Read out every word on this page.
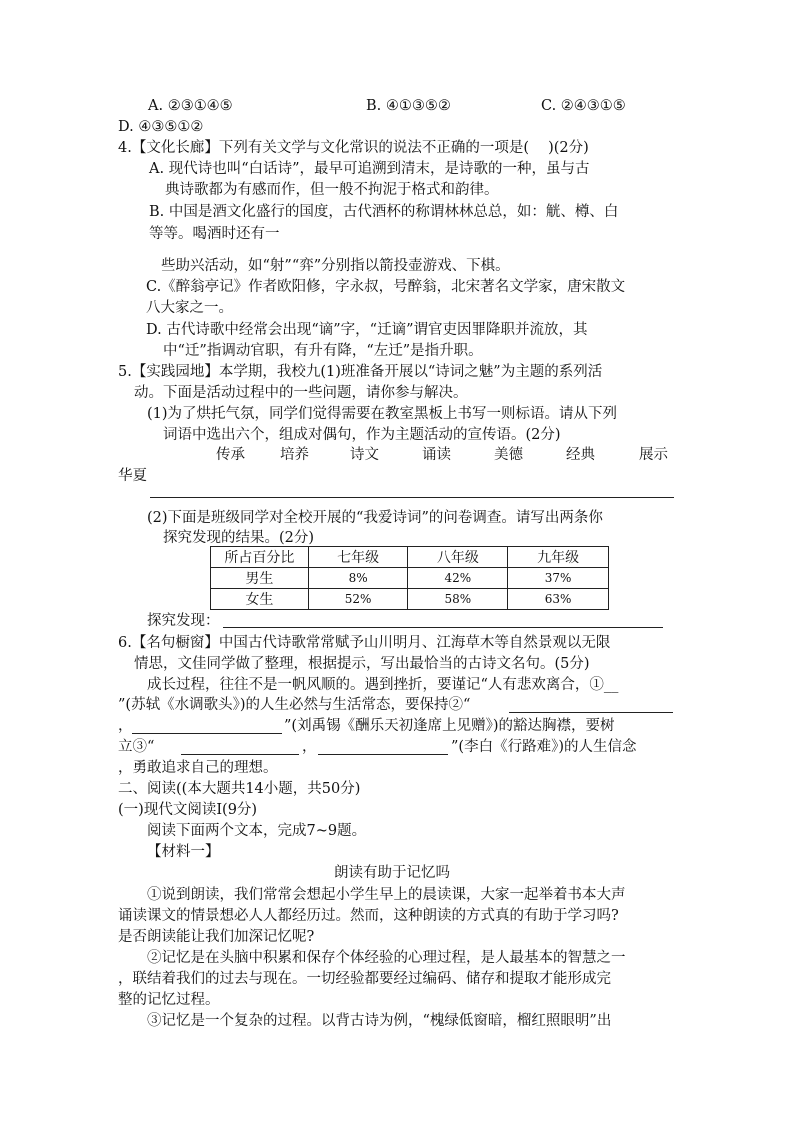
A. ②③①④⑤	B. ④①③⑤②	C. ②④③①⑤
D. ④③⑤①②
4.【文化长廊】下列有关文学与文化常识的说法不正确的一项是(　 )(2分)
A. 现代诗也叫“白话诗”，最早可追溯到清末，是诗歌的一种，虽与古
典诗歌都为有感而作，但一般不拘泥于格式和韵律。
B. 中国是酒文化盛行的国度，古代酒杯的称谓林林总总，如：觥、樽、白
等等。喝酒时还有一
些助兴活动，如“射”“弈”分别指以箭投壶游戏、下棋。
C.《醉翁亭记》作者欧阳修，字永叔，号醉翁，北宋著名文学家，唐宋散文
八大家之一。
D. 古代诗歌中经常会出现“谪”字，“迁谪”谓官吏因罪降职并流放，其
中“迁”指调动官职，有升有降，“左迁”是指升职。
5.【实践园地】本学期，我校九(1)班准备开展以“诗词之魅”为主题的系列活
动。下面是活动过程中的一些问题，请你参与解决。
(1)为了烘托气氛，同学们觉得需要在教室黑板上书写一则标语。请从下列
词语中选出六个，组成对偶句，作为主题活动的宣传语。(2分)
传承 培养	诗文	诵读	美德	经典	展示
华夏
(2)下面是班级同学对全校开展的“我爱诗词”的问卷调查。请写出两条你
探究发现的结果。(2分)
所占百分比	七年级	八年级	九年级
男生	8%	42%	37%
女生	52%	58%	63%
探究发现：
6.【名句橱窗】中国古代诗歌常常赋予山川明月、江海草木等自然景观以无限
情思，文佳同学做了整理，根据提示，写出最恰当的古诗文名句。(5分)
成长过程，往往不是一帆风顺的。遇到挫折，要谨记“人有悲欢离合，①__
”(苏轼《水调歌头》)的人生必然与生活常态，要保持②“
，	”(刘禹锡《酬乐天初逢席上见赠》)的豁达胸襟，要树
立③“	，	”(李白《行路难》)的人生信念
，勇敢追求自己的理想。
二、阅读((本大题共14小题，共50分)
(一)现代文阅读Ⅰ(9分)
阅读下面两个文本，完成7~9题。
【材料一】
朗读有助于记忆吗
①说到朗读，我们常常会想起小学生早上的晨读课，大家一起举着书本大声
诵读课文的情景想必人人都经历过。然而，这种朗读的方式真的有助于学习吗?
是否朗读能让我们加深记忆呢?
②记忆是在头脑中积累和保存个体经验的心理过程，是人最基本的智慧之一
，联结着我们的过去与现在。一切经验都要经过编码、储存和提取才能形成完
整的记忆过程。
③记忆是一个复杂的过程。以背古诗为例，“槐绿低窗暗，榴红照眼明”出
